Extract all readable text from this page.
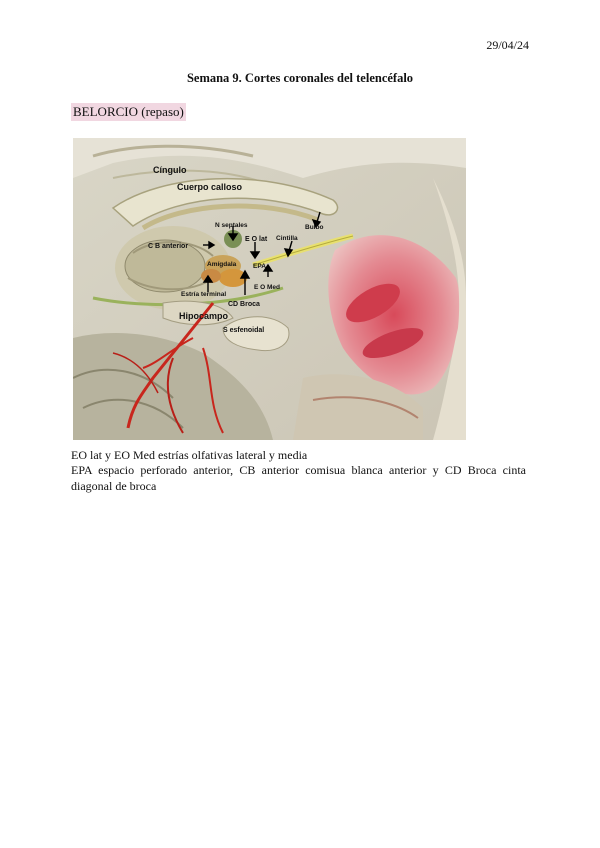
29/04/24
Semana 9. Cortes coronales del telencéfalo
BELORCIO (repaso)
Cíngulo
Cuerpo calloso
N septales
C B anterior
E O lat Cintilla
Bulbo
Amígdala	EPA
Estría terminal
E O Med
CD Broca
Hipocampo
S esfenoidal
EO lat y EO Med estrías olfativas lateral y media
EPA espacio perforado anterior, CB anterior comisua blanca anterior y CD Broca cinta diagonal de broca
